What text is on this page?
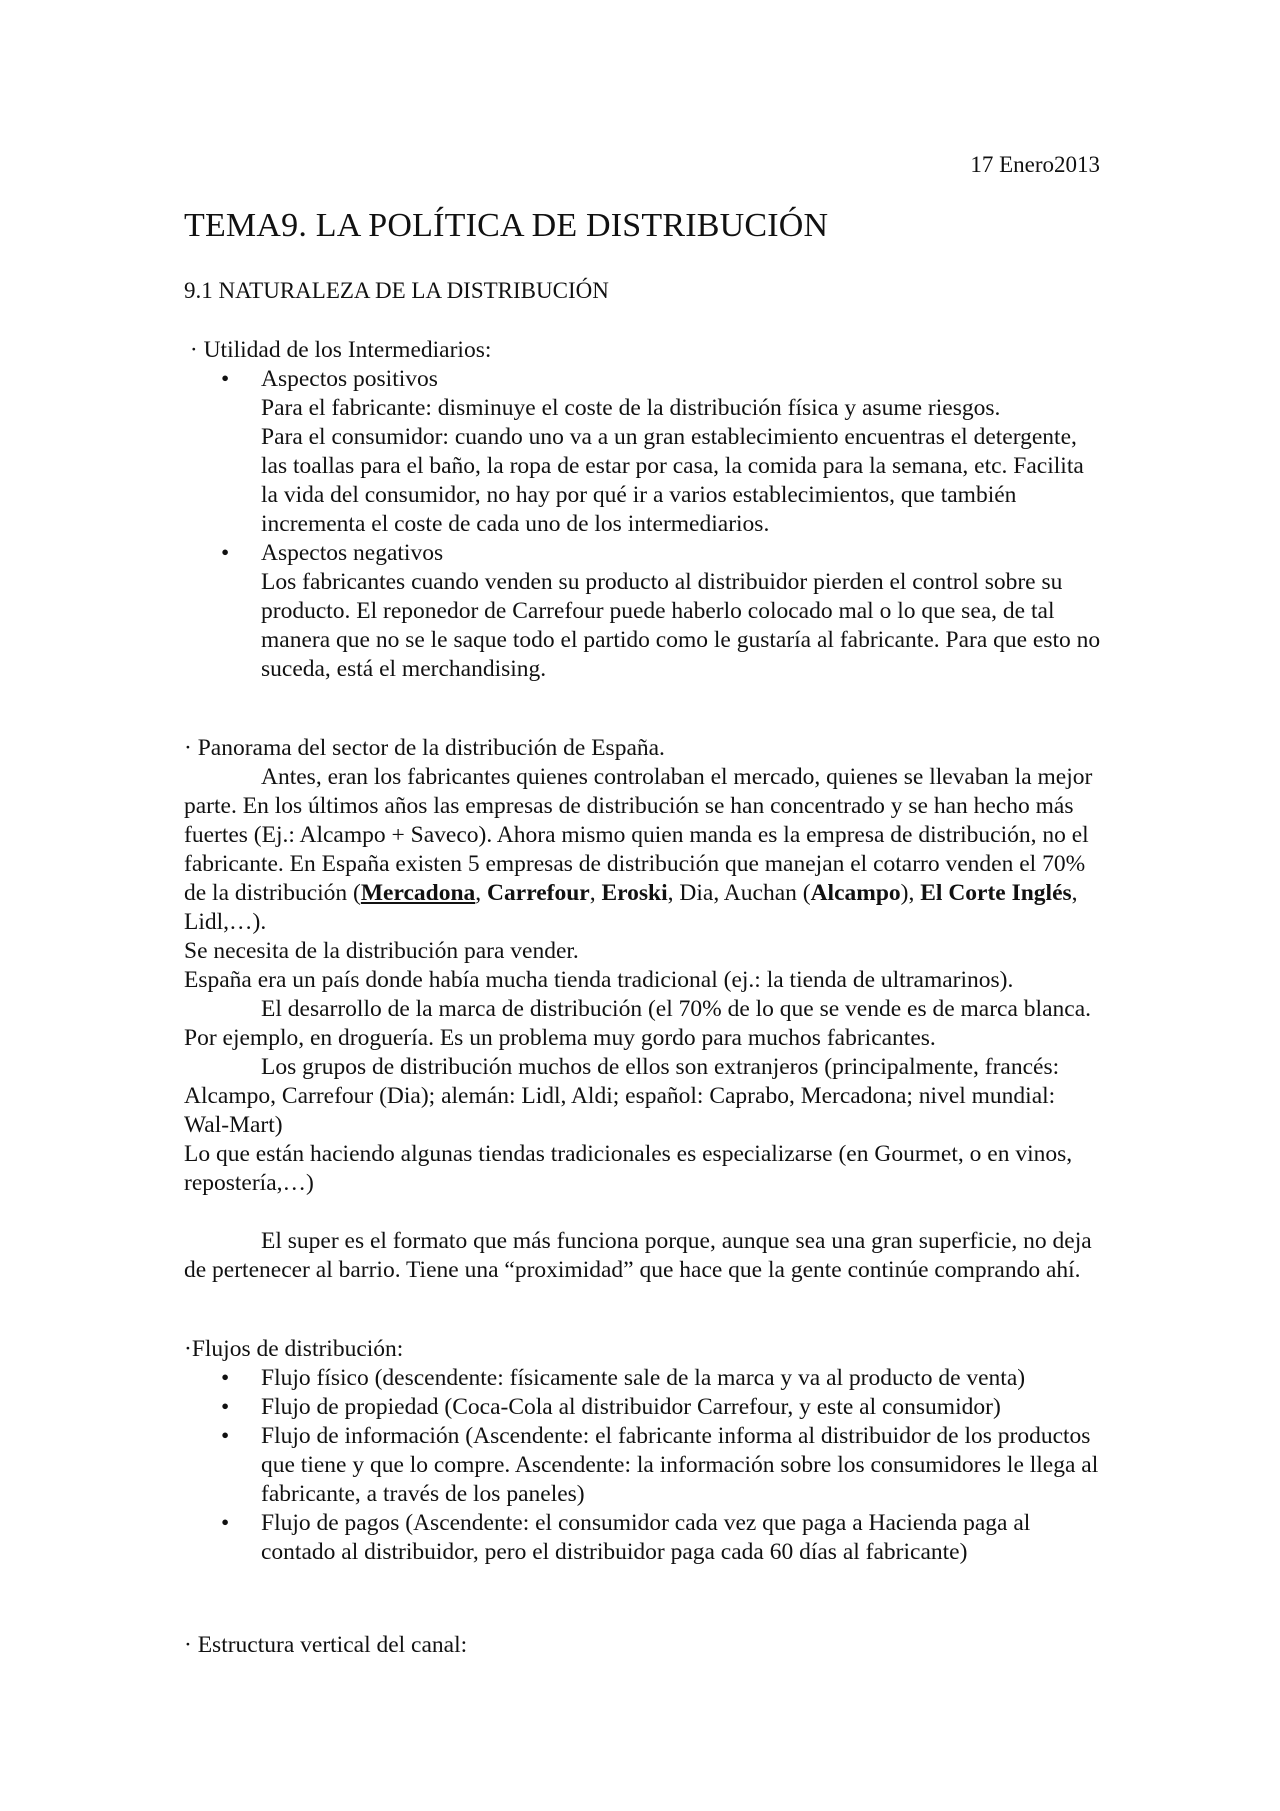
17 Enero2013
TEMA9. LA POLÍTICA DE DISTRIBUCIÓN
9.1 NATURALEZA DE LA DISTRIBUCIÓN

· Utilidad de los Intermediarios:

• Aspectos positivos
Para el fabricante: disminuye el coste de la distribución física y asume riesgos.
Para el consumidor: cuando uno va a un gran establecimiento encuentras el detergente, las toallas para el baño, la ropa de estar por casa, la comida para la semana, etc. Facilita la vida del consumidor, no hay por qué ir a varios establecimientos, que también incrementa el coste de cada uno de los intermediarios.
• Aspectos negativos
Los fabricantes cuando venden su producto al distribuidor pierden el control sobre su producto. El reponedor de Carrefour puede haberlo colocado mal o lo que sea, de tal manera que no se le saque todo el partido como le gustaría al fabricante. Para que esto no suceda, está el merchandising.

· Panorama del sector de la distribución de España.

Antes, eran los fabricantes quienes controlaban el mercado, quienes se llevaban la mejor parte. En los últimos años las empresas de distribución se han concentrado y se han hecho más fuertes (Ej.: Alcampo + Saveco). Ahora mismo quien manda es la empresa de distribución, no el fabricante. En España existen 5 empresas de distribución que manejan el cotarro venden el 70% de la distribución (Mercadona, Carrefour, Eroski, Dia, Auchan (Alcampo), El Corte Inglés, Lidl,…).

Se necesita de la distribución para vender.

España era un país donde había mucha tienda tradicional (ej.: la tienda de ultramarinos).

El desarrollo de la marca de distribución (el 70% de lo que se vende es de marca blanca. Por ejemplo, en droguería. Es un problema muy gordo para muchos fabricantes.

Los grupos de distribución muchos de ellos son extranjeros (principalmente, francés: Alcampo, Carrefour (Dia); alemán: Lidl, Aldi; español: Caprabo, Mercadona; nivel mundial: Wal-Mart)

Lo que están haciendo algunas tiendas tradicionales es especializarse (en Gourmet, o en vinos, repostería,…)

El super es el formato que más funciona porque, aunque sea una gran superficie, no deja de pertenecer al barrio. Tiene una “proximidad” que hace que la gente continúe comprando ahí.

·Flujos de distribución:

• Flujo físico (descendente: físicamente sale de la marca y va al producto de venta)
• Flujo de propiedad (Coca-Cola al distribuidor Carrefour, y este al consumidor)
• Flujo de información (Ascendente: el fabricante informa al distribuidor de los productos que tiene y que lo compre. Ascendente: la información sobre los consumidores le llega al fabricante, a través de los paneles)
• Flujo de pagos (Ascendente: el consumidor cada vez que paga a Hacienda paga al contado al distribuidor, pero el distribuidor paga cada 60 días al fabricante)

· Estructura vertical del canal:
